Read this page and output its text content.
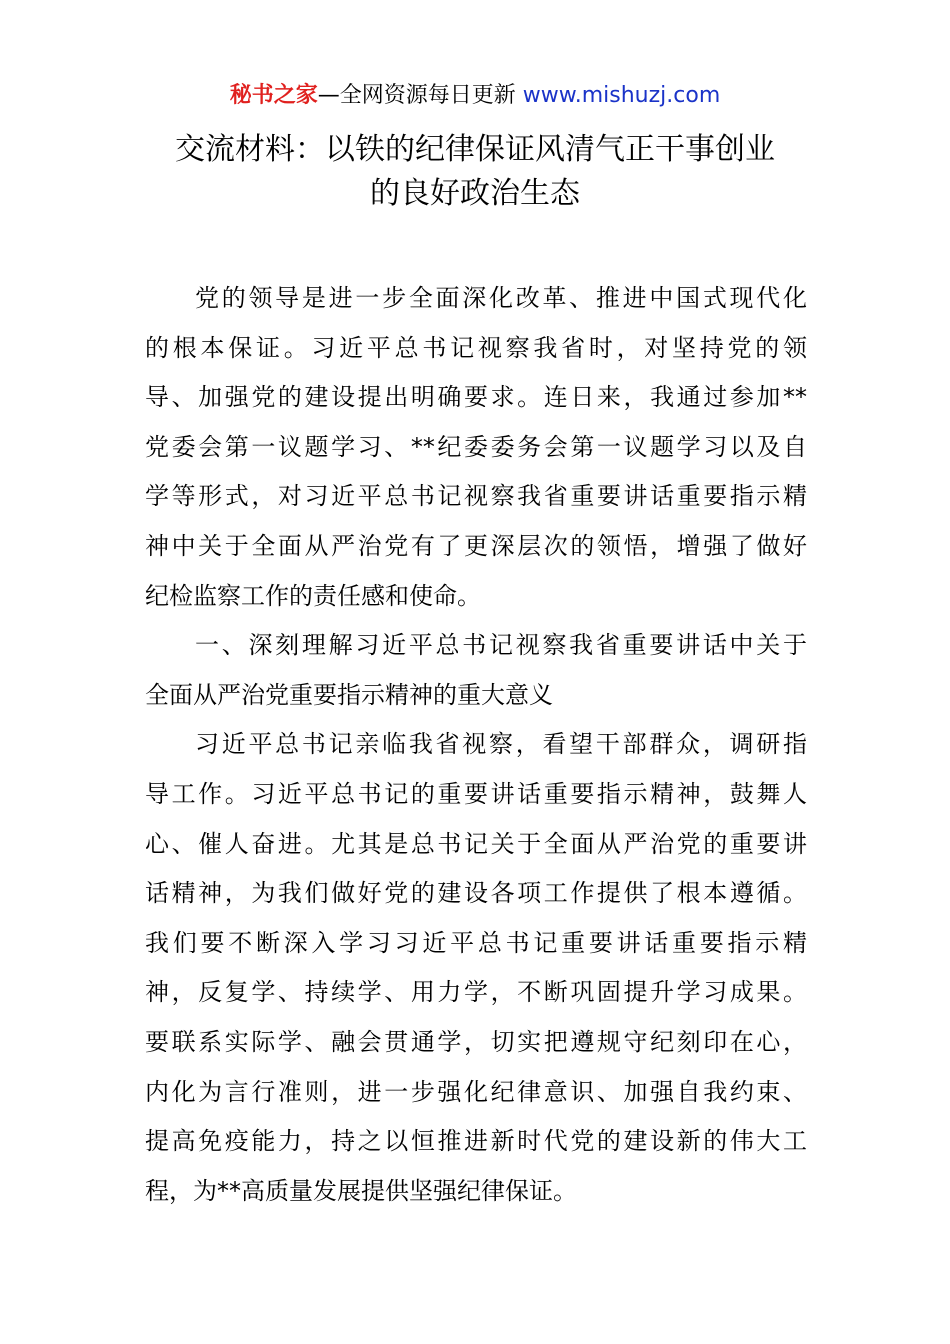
秘书之家—全网资源每日更新 www.mishuzj.com
交流材料：以铁的纪律保证风清气正干事创业
的良好政治生态
党的领导是进一步全面深化改革、推进中国式现代化
的根本保证。习近平总书记视察我省时，对坚持党的领
导、加强党的建设提出明确要求。连日来，我通过参加**
党委会第一议题学习、**纪委委务会第一议题学习以及自
学等形式，对习近平总书记视察我省重要讲话重要指示精
神中关于全面从严治党有了更深层次的领悟，增强了做好
纪检监察工作的责任感和使命。
一、深刻理解习近平总书记视察我省重要讲话中关于
全面从严治党重要指示精神的重大意义
习近平总书记亲临我省视察，看望干部群众，调研指
导工作。习近平总书记的重要讲话重要指示精神，鼓舞人
心、催人奋进。尤其是总书记关于全面从严治党的重要讲
话精神，为我们做好党的建设各项工作提供了根本遵循。
我们要不断深入学习习近平总书记重要讲话重要指示精
神，反复学、持续学、用力学，不断巩固提升学习成果。
要联系实际学、融会贯通学，切实把遵规守纪刻印在心，
内化为言行准则，进一步强化纪律意识、加强自我约束、
提高免疫能力，持之以恒推进新时代党的建设新的伟大工
程，为**高质量发展提供坚强纪律保证。
